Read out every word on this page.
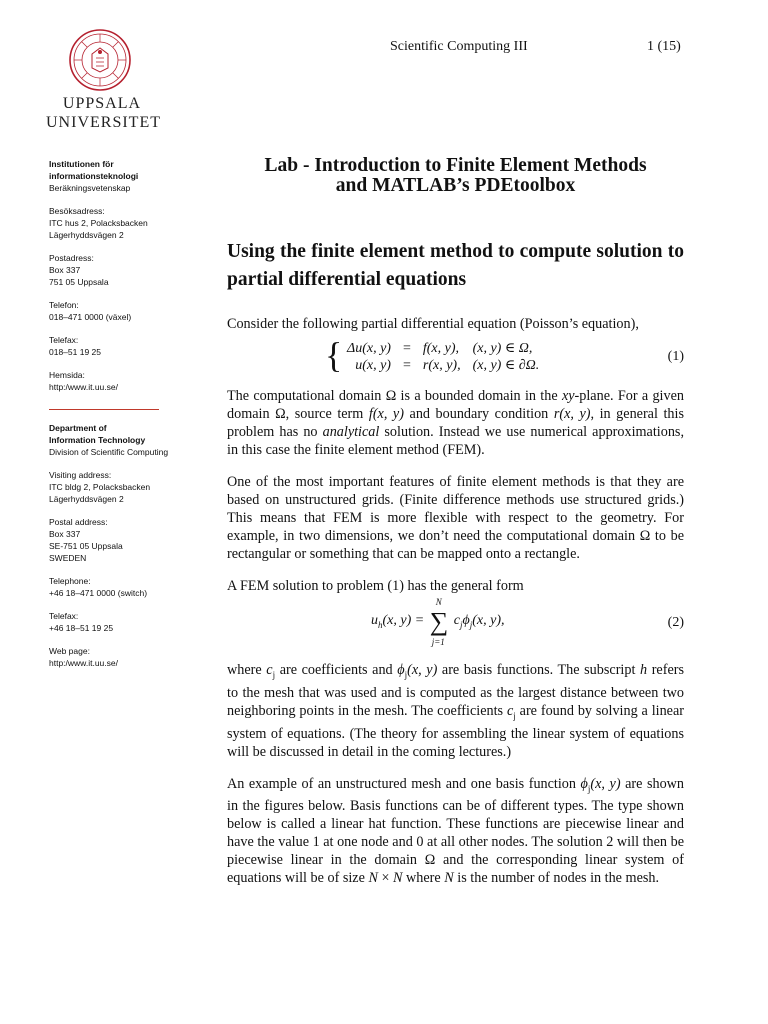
UPPSALA
UNIVERSITET
Scientific Computing III	1 (15)
Institutionen för
informationsteknologi
Beräkningsvetenskap
Besöksadress:
ITC hus 2, Polacksbacken
Lägerhyddsvägen 2
Postadress:
Box 337
751 05 Uppsala
Telefon:
018–471 0000 (växel)
Telefax:
018–51 19 25
Hemsida:
http:/www.it.uu.se/
Department of
Information Technology
Division of Scientific Computing
Visiting address:
ITC bldg 2, Polacksbacken
Lägerhyddsvägen 2
Postal address:
Box 337
SE-751 05 Uppsala
SWEDEN
Telephone:
+46 18–471 0000 (switch)
Telefax:
+46 18–51 19 25
Web page:
http:/www.it.uu.se/
Lab - Introduction to Finite Element Methods
and MATLAB’s PDEtoolbox
Using the finite element method to compute solution to partial differential equations

Consider the following partial differential equation (Poisson’s equation),

{ Δu(x, y)	=	f(x, y),	(x, y) ∈ Ω,
u(x, y)	=	r(x, y),	(x, y) ∈ ∂Ω.
(1)

The computational domain Ω is a bounded domain in the xy-plane. For a given domain Ω, source term f(x, y) and boundary condition r(x, y), in general this problem has no analytical solution. Instead we use numerical approximations, in this case the finite element method (FEM).

One of the most important features of finite element methods is that they are based on unstructured grids. (Finite difference methods use structured grids.) This means that FEM is more flexible with respect to the geometry. For example, in two dimensions, we don’t need the computational domain Ω to be rectangular or something that can be mapped onto a rectangle.

A FEM solution to problem (1) has the general form

$u_h(x$, y) = ∑
N
j=1
$c_j\phi_j(x$, y),	(2)

where $c_j$ are coefficients and $\phi_j(x$, y) are basis functions. The subscript h refers to the mesh that was used and is computed as the largest distance between two neighboring points in the mesh. The coefficients $c_j$ are found by solving a linear system of equations. (The theory for assembling the linear system of equations will be discussed in detail in the coming lectures.)

An example of an unstructured mesh and one basis function $\phi_j(x$, y) are shown in the figures below. Basis functions can be of different types. The type shown below is called a linear hat function. These functions are piecewise linear and have the value 1 at one node and 0 at all other nodes. The solution 2 will then be piecewise linear in the domain Ω and the corresponding linear system of equations will be of size N × N where N is the number of nodes in the mesh.
